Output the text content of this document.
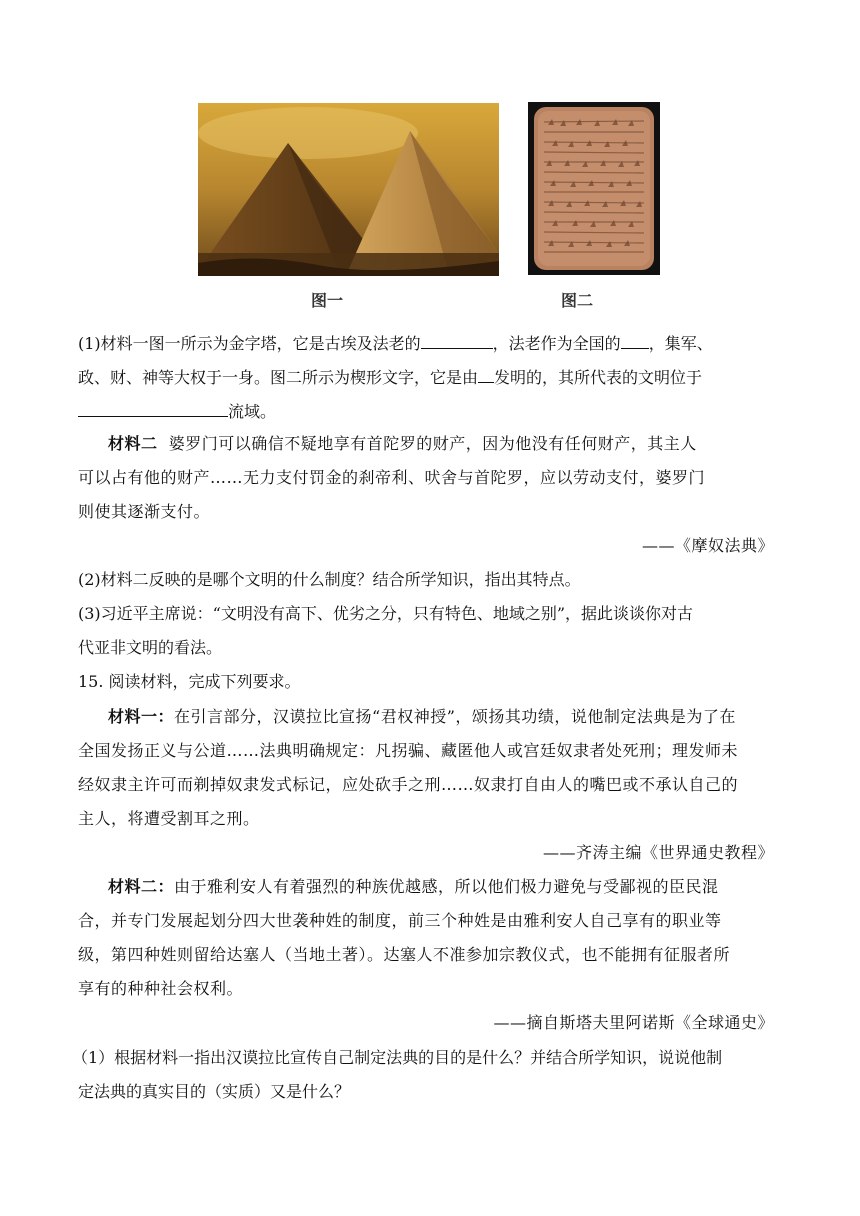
图一	图二
(1)材料一图一所示为金字塔，它是古埃及法老的	，法老作为全国的 ，集军、
政、财、神等大权于一身。图二所示为楔形文字，它是由 发明的，其所代表的文明位于
流域。
材料二 婆罗门可以确信不疑地享有首陀罗的财产，因为他没有任何财产，其主人
可以占有他的财产……无力支付罚金的刹帝利、吠舍与首陀罗，应以劳动支付，婆罗门
则使其逐渐支付。
——《摩奴法典》
(2)材料二反映的是哪个文明的什么制度？结合所学知识，指出其特点。
(3)习近平主席说：“文明没有高下、优劣之分，只有特色、地域之别”，据此谈谈你对古
代亚非文明的看法。
15. 阅读材料，完成下列要求。
材料一：在引言部分，汉谟拉比宣扬“君权神授”，颂扬其功绩，说他制定法典是为了在
全国发扬正义与公道……法典明确规定：凡拐骗、藏匿他人或宫廷奴隶者处死刑；理发师未
经奴隶主许可而剃掉奴隶发式标记，应处砍手之刑……奴隶打自由人的嘴巴或不承认自己的
主人，将遭受割耳之刑。
——齐涛主编《世界通史教程》
材料二：由于雅利安人有着强烈的种族优越感，所以他们极力避免与受鄙视的臣民混
合，并专门发展起划分四大世袭种姓的制度，前三个种姓是由雅利安人自己享有的职业等
级，第四种姓则留给达塞人（当地土著）。达塞人不准参加宗教仪式，也不能拥有征服者所
享有的种种社会权利。
——摘自斯塔夫里阿诺斯《全球通史》
（1）根据材料一指出汉谟拉比宣传自己制定法典的目的是什么？并结合所学知识，说说他制
定法典的真实目的（实质）又是什么？
